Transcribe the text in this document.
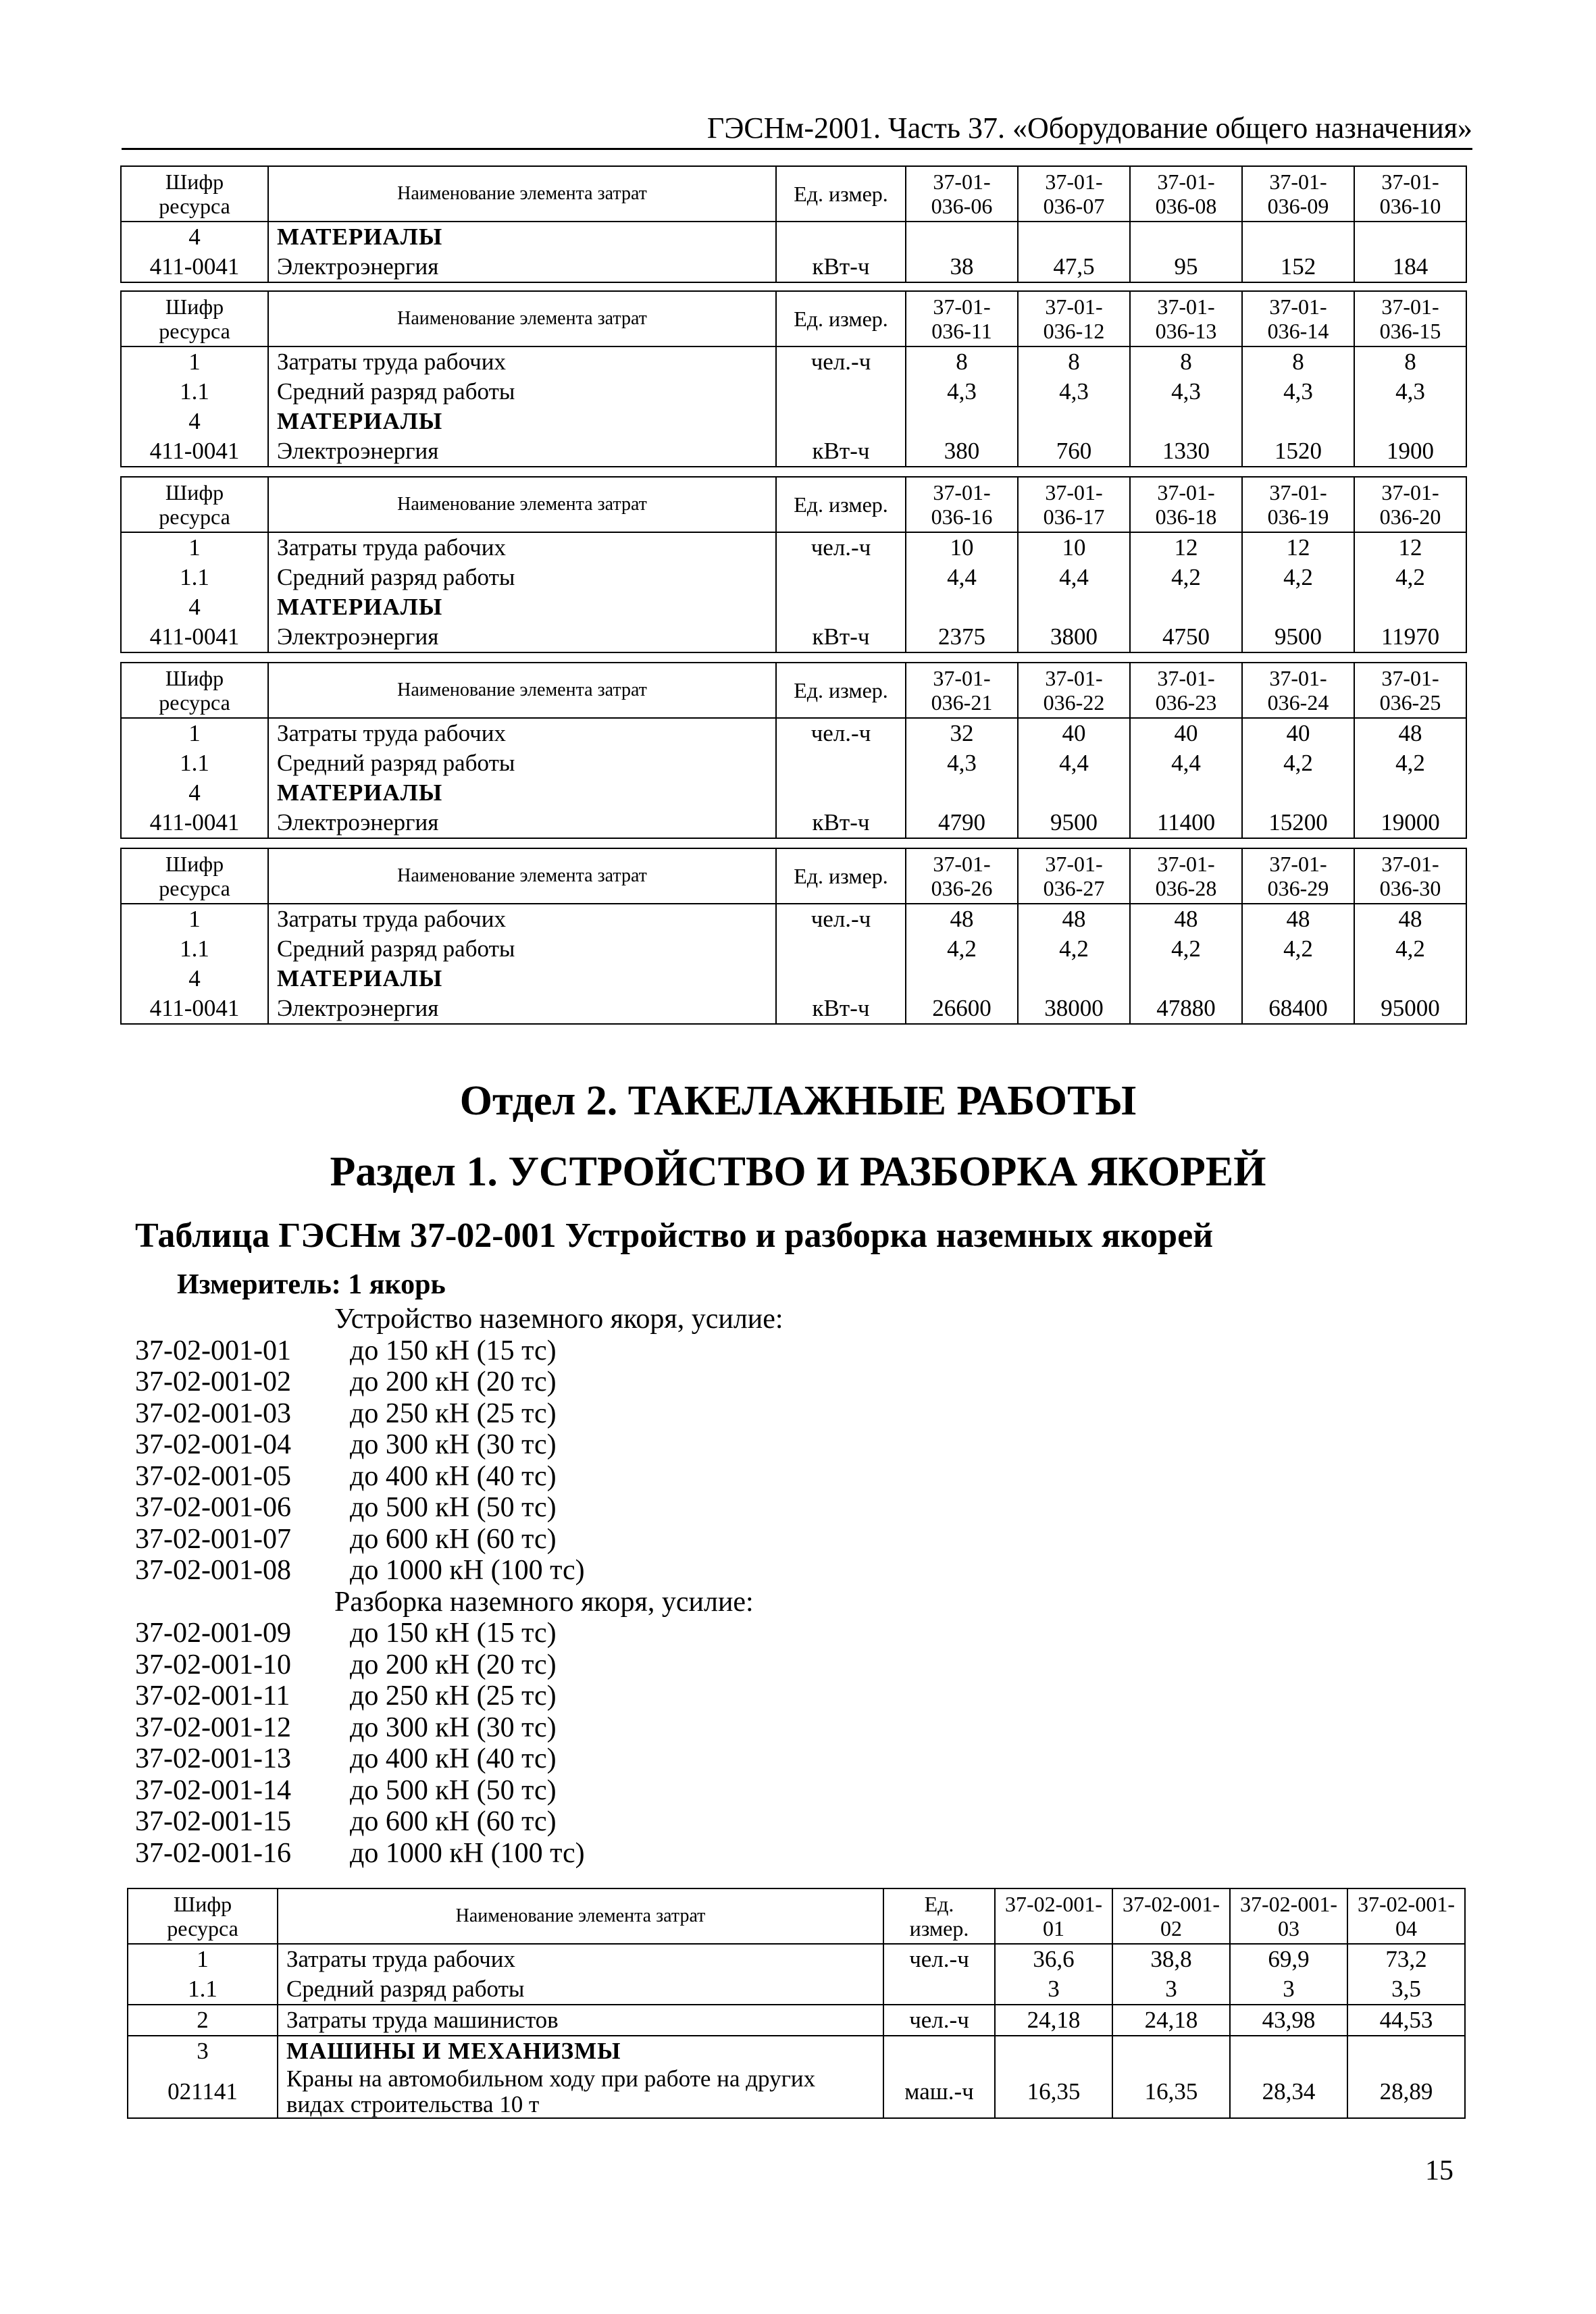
ГЭСНм-2001. Часть 37. «Оборудование общего назначения»
Шифр ресурса	Наименование элемента затрат	Ед. измер.	37-01-036-06	37-01-036-07	37-01-036-08	37-01-036-09	37-01-036-10
4	МАТЕРИАЛЫ						
411-0041	Электроэнергия	кВт-ч	38	47,5	95	152	184
Шифр ресурса	Наименование элемента затрат	Ед. измер.	37-01-036-11	37-01-036-12	37-01-036-13	37-01-036-14	37-01-036-15
1	Затраты труда рабочих	чел.-ч	8	8	8	8	8
1.1	Средний разряд работы		4,3	4,3	4,3	4,3	4,3
4	МАТЕРИАЛЫ						
411-0041	Электроэнергия	кВт-ч	380	760	1330	1520	1900
Шифр ресурса	Наименование элемента затрат	Ед. измер.	37-01-036-16	37-01-036-17	37-01-036-18	37-01-036-19	37-01-036-20
1	Затраты труда рабочих	чел.-ч	10	10	12	12	12
1.1	Средний разряд работы		4,4	4,4	4,2	4,2	4,2
4	МАТЕРИАЛЫ						
411-0041	Электроэнергия	кВт-ч	2375	3800	4750	9500	11970
Шифр ресурса	Наименование элемента затрат	Ед. измер.	37-01-036-21	37-01-036-22	37-01-036-23	37-01-036-24	37-01-036-25
1	Затраты труда рабочих	чел.-ч	32	40	40	40	48
1.1	Средний разряд работы		4,3	4,4	4,4	4,2	4,2
4	МАТЕРИАЛЫ						
411-0041	Электроэнергия	кВт-ч	4790	9500	11400	15200	19000
Шифр ресурса	Наименование элемента затрат	Ед. измер.	37-01-036-26	37-01-036-27	37-01-036-28	37-01-036-29	37-01-036-30
1	Затраты труда рабочих	чел.-ч	48	48	48	48	48
1.1	Средний разряд работы		4,2	4,2	4,2	4,2	4,2
4	МАТЕРИАЛЫ						
411-0041	Электроэнергия	кВт-ч	26600	38000	47880	68400	95000
Отдел 2. ТАКЕЛАЖНЫЕ РАБОТЫ
Раздел 1. УСТРОЙСТВО И РАЗБОРКА ЯКОРЕЙ
Таблица ГЭСНм 37-02-001 Устройство и разборка наземных якорей
Измеритель: 1 якорь
Устройство наземного якоря, усилие:
37-02-001-01	до 150 кН (15 тс)
37-02-001-02	до 200 кН (20 тс)
37-02-001-03	до 250 кН (25 тс)
37-02-001-04	до 300 кН (30 тс)
37-02-001-05	до 400 кН (40 тс)
37-02-001-06	до 500 кН (50 тс)
37-02-001-07	до 600 кН (60 тс)
37-02-001-08	до 1000 кН (100 тс)
Разборка наземного якоря, усилие:
37-02-001-09	до 150 кН (15 тс)
37-02-001-10	до 200 кН (20 тс)
37-02-001-11	до 250 кН (25 тс)
37-02-001-12	до 300 кН (30 тс)
37-02-001-13	до 400 кН (40 тс)
37-02-001-14	до 500 кН (50 тс)
37-02-001-15	до 600 кН (60 тс)
37-02-001-16	до 1000 кН (100 тс)
Шифр ресурса	Наименование элемента затрат	Ед. измер.	37-02-001-01	37-02-001-02	37-02-001-03	37-02-001-04
1	Затраты труда рабочих	чел.-ч	36,6	38,8	69,9	73,2
1.1	Средний разряд работы		3	3	3	3,5
2	Затраты труда машинистов	чел.-ч	24,18	24,18	43,98	44,53
3	МАШИНЫ И МЕХАНИЗМЫ					
021141	Краны на автомобильном ходу при работе на других видах строительства 10 т	маш.-ч	16,35	16,35	28,34	28,89
15
